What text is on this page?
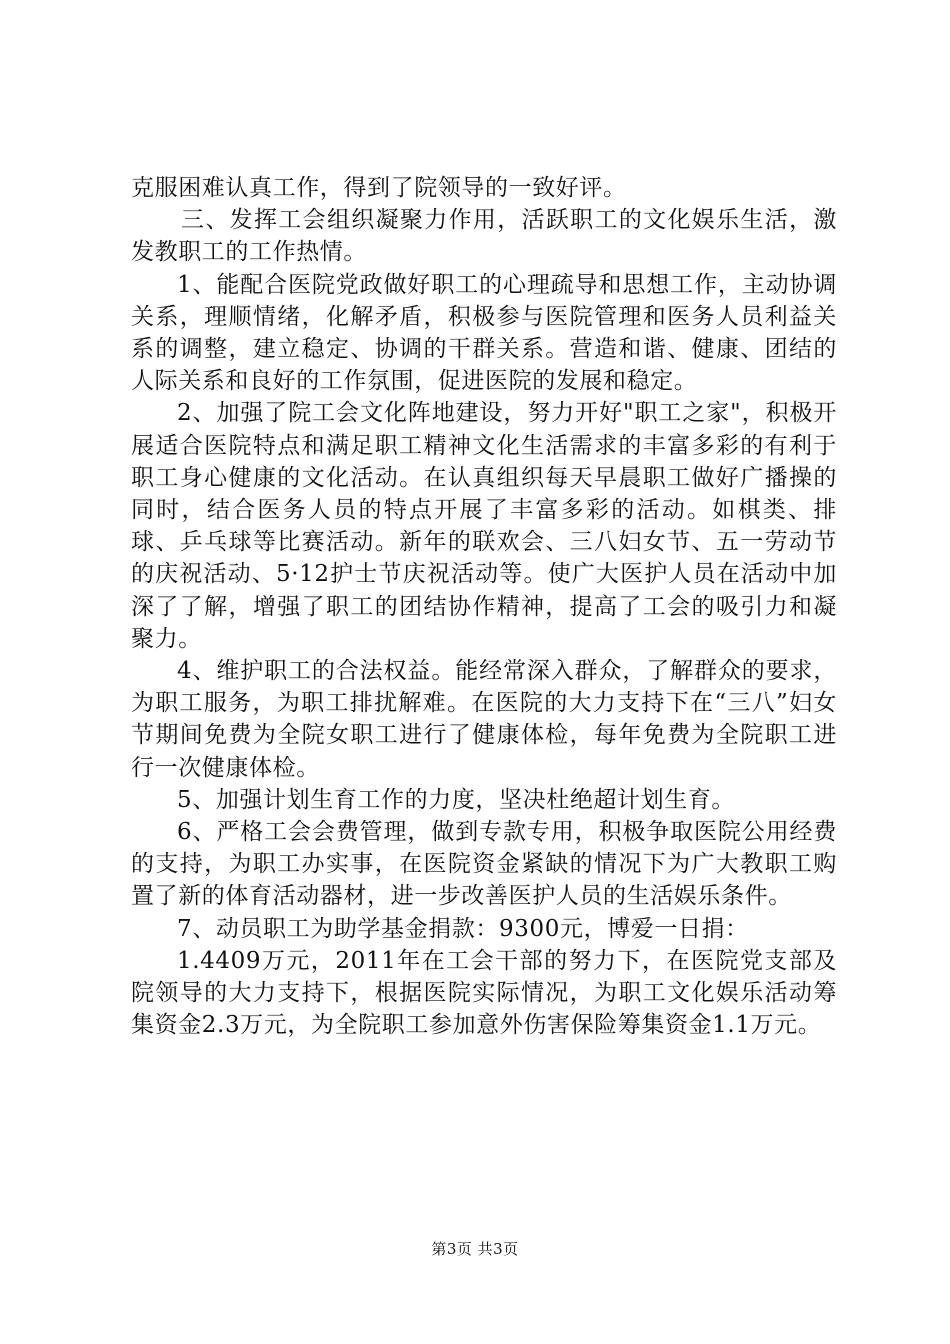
克服困难认真工作，得到了院领导的一致好评。

三、发挥工会组织凝聚力作用，活跃职工的文化娱乐生活，激发教职工的工作热情。

1、能配合医院党政做好职工的心理疏导和思想工作，主动协调关系，理顺情绪，化解矛盾，积极参与医院管理和医务人员利益关系的调整，建立稳定、协调的干群关系。营造和谐、健康、团结的人际关系和良好的工作氛围，促进医院的发展和稳定。

2、加强了院工会文化阵地建设，努力开好"职工之家"，积极开展适合医院特点和满足职工精神文化生活需求的丰富多彩的有利于职工身心健康的文化活动。在认真组织每天早晨职工做好广播操的同时，结合医务人员的特点开展了丰富多彩的活动。如棋类、排球、乒乓球等比赛活动。新年的联欢会、三八妇女节、五一劳动节的庆祝活动、5·12护士节庆祝活动等。使广大医护人员在活动中加深了了解，增强了职工的团结协作精神，提高了工会的吸引力和凝聚力。

4、维护职工的合法权益。能经常深入群众，了解群众的要求，为职工服务，为职工排扰解难。在医院的大力支持下在“三八”妇女节期间免费为全院女职工进行了健康体检，每年免费为全院职工进行一次健康体检。

5、加强计划生育工作的力度，坚决杜绝超计划生育。

6、严格工会会费管理，做到专款专用，积极争取医院公用经费的支持，为职工办实事，在医院资金紧缺的情况下为广大教职工购置了新的体育活动器材，进一步改善医护人员的生活娱乐条件。

7、动员职工为助学基金捐款：9300元，博爱一日捐：

1.4409万元，2011年在工会干部的努力下，在医院党支部及院领导的大力支持下，根据医院实际情况，为职工文化娱乐活动筹集资金2.3万元，为全院职工参加意外伤害保险筹集资金1.1万元。

第3页 共3页
